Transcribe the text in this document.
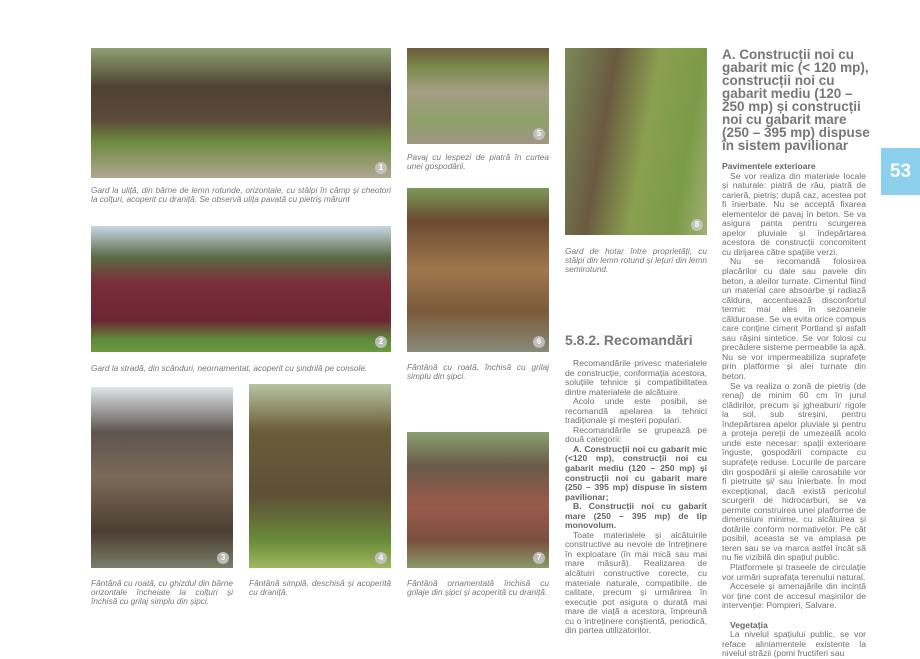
1
Gard la uliță, din bârne de lemn rotunde, orizontale, cu stâlpi în câmp și cheotori la colțuri, acoperit cu draniță. Se observă ulița pavată cu pietriș mărunt
2
Gard la stradă, din scânduri, neornamentat, acoperit cu șindrilă pe console.
3
Fântână cu roată, cu ghizdul din bârne orizontale încheiate la colțuri și închisă cu grilaj simplu din șipci.
4
Fântână simplă, deschisă și acoperită cu draniță.
5
Pavaj cu lespezi de piatră în curtea unei gospodării.
6
Fântână cu roată, închisă cu grilaj simplu din șipci.
7
Fântână ornamentată închisă cu grilaje din șipci și acoperită cu draniță.
8
Gard de hotar între proprietăți, cu stâlpi din lemn rotund și lețuri din lemn semirotund.
5.8.2. Recomandări

Recomandările privesc materialele de construcție, conformația acestora, soluțiile tehnice și compatibilitatea dintre materialele de alcătuire.

Acolo unde este posibil, se recomandă apelarea la tehnici tradiționale și meșteri populari.

Recomandările se grupează pe două categorii:

A. Construcții noi cu gabarit mic (<120 mp), construcții noi cu gabarit mediu (120 – 250 mp) și construcții noi cu gabarit mare (250 – 395 mp) dispuse în sistem pavilionar;

B. Construcții noi cu gabarit mare (250 – 395 mp) de tip monovolum.

Toate materialele și alcătuirile constructive au nevoie de întreținere în exploatare (în mai mică sau mai mare măsură). Realizarea de alcătuiri constructive corecte, cu materiale naturale, compatibile, de calitate, precum și urmărirea în execuție pot asigura o durată mai mare de viață a acestora, împreună cu o întreținere conștientă, periodică, din partea utilizatorilor.

A. Construcții noi cu gabarit mic (< 120 mp), construcții noi cu gabarit mediu (120 – 250 mp) și construcții noi cu gabarit mare (250 – 395 mp) dispuse în sistem pavilionar
Pavimentele exterioare

Se vor realiza din materiale locale și naturale: piatră de râu, piatră de carieră, pietriș; după caz, acestea pot fi înierbate. Nu se acceptă fixarea elementelor de pavaj în beton. Se va asigura panta pentru scurgerea apelor pluviale și îndepărtarea acestora de construcții concomitent cu dirijarea către spațiile verzi.

Nu se recomandă folosirea placărilor cu dale sau pavele din beton, a aleilor turnate. Cimentul fiind un material care absoarbe și radiază căldura, accentuează disconfortul termic mai ales în sezoanele călduroase. Se va evita orice compus care conține ciment Portland și asfalt sau rășini sintetice. Se vor folosi cu precădere sisteme permeabile la apă. Nu se vor impermeabiliza suprafețe prin platforme și alei turnate din beton.

Se va realiza o zonă de pietriș (de renaj) de minim 60 cm în jurul clădirilor, precum și jgheaburi/ rigole la sol, sub streșini, pentru îndepărtarea apelor pluviale și pentru a proteja pereții de umezeală acolo unde este necesar: spații exterioare înguste, gospodării compacte cu suprafețe reduse. Locurile de parcare din gospodării și aleile carosabile vor fi pietruite și/ sau înierbate. În mod excepțional, dacă există pericolul scurgerii de hidrocarburi, se va permite construirea unei platforme de dimensiuni minime, cu alcătuirea și dotările conform normativelor. Pe cât posibil, aceasta se va amplasa pe teren sau se va marca astfel încât să nu fie vizibilă din spațiul public.

Platformele și traseele de circulație vor urmări suprafața terenului natural.

Accesele și amenajările din incintă vor ține cont de accesul mașinilor de intervenție: Pompieri, Salvare.

Vegetația

La nivelul spațiului public, se vor reface aliniamentele existente la nivelul străzii (pomi fructiferi sau

53
